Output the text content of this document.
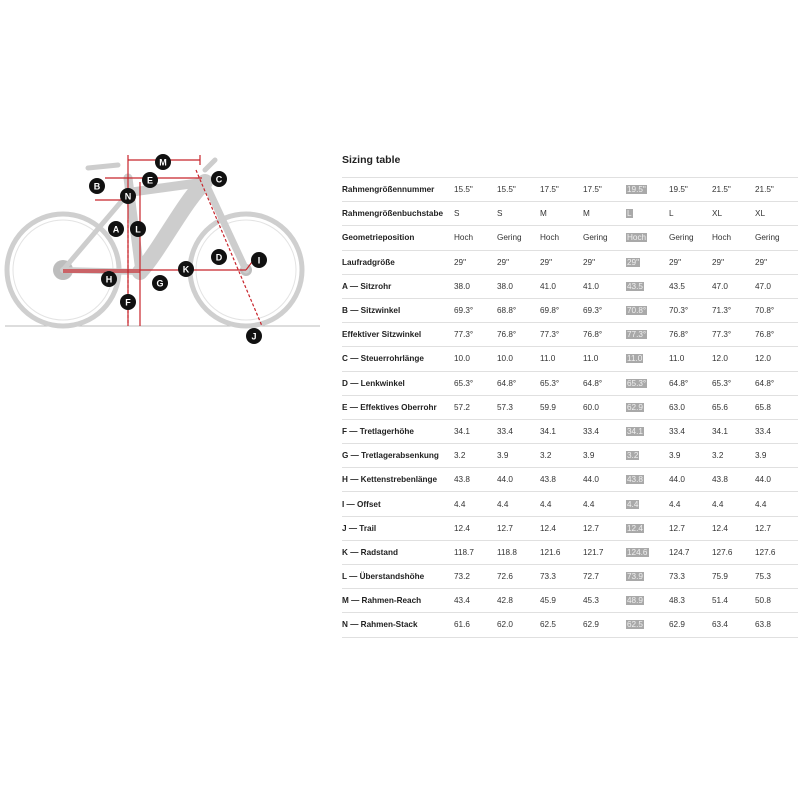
M
E	C
B
N
A L
D	I
K
H	G
F
J
Sizing table
Rahmengrößennummer	15.5"	15.5"	17.5"	17.5"	19.5"	19.5"	21.5"	21.5"
Rahmengrößenbuchstabe	S	S	M	M	L	L	XL	XL
Geometrieposition	Hoch	Gering	Hoch	Gering	Hoch	Gering	Hoch	Gering
Laufradgröße	29"	29"	29"	29"	29"	29"	29"	29"
A — Sitzrohr	38.0	38.0	41.0	41.0	43.5	43.5	47.0	47.0
B — Sitzwinkel	69.3°	68.8°	69.8°	69.3°	70.8°	70.3°	71.3°	70.8°
Effektiver Sitzwinkel	77.3°	76.8°	77.3°	76.8°	77.3°	76.8°	77.3°	76.8°
C — Steuerrohrlänge	10.0	10.0	11.0	11.0	11.0	11.0	12.0	12.0
D — Lenkwinkel	65.3°	64.8°	65.3°	64.8°	65.3°	64.8°	65.3°	64.8°
E — Effektives Oberrohr	57.2	57.3	59.9	60.0	62.9	63.0	65.6	65.8
F — Tretlagerhöhe	34.1	33.4	34.1	33.4	34.1	33.4	34.1	33.4
G — Tretlagerabsenkung	3.2	3.9	3.2	3.9	3.2	3.9	3.2	3.9
H — Kettenstrebenlänge	43.8	44.0	43.8	44.0	43.8	44.0	43.8	44.0
I — Offset	4.4	4.4	4.4	4.4	4.4	4.4	4.4	4.4
J — Trail	12.4	12.7	12.4	12.7	12.4	12.7	12.4	12.7
K — Radstand	118.7	118.8	121.6	121.7	124.6	124.7	127.6	127.6
L — Überstandshöhe	73.2	72.6	73.3	72.7	73.9	73.3	75.9	75.3
M — Rahmen-Reach	43.4	42.8	45.9	45.3	48.9	48.3	51.4	50.8
N — Rahmen-Stack	61.6	62.0	62.5	62.9	62.5	62.9	63.4	63.8
